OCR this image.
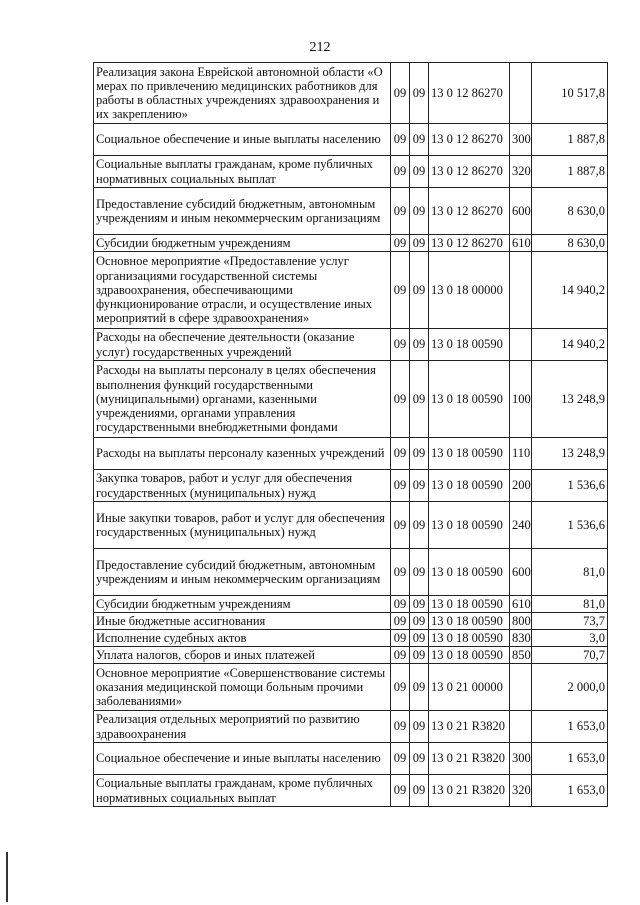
212
Реализация закона Еврейской автономной области «О мерах по привлечению медицинских работников для работы в областных учреждениях здравоохранения и их закреплению»	09	09	13 0 12 86270		10 517,8
Социальное обеспечение и иные выплаты населению	09	09	13 0 12 86270	300	1 887,8
Социальные выплаты гражданам, кроме публичных нормативных социальных выплат	09	09	13 0 12 86270	320	1 887,8
Предоставление субсидий бюджетным, автономным учреждениям и иным некоммерческим организациям	09	09	13 0 12 86270	600	8 630,0
Субсидии бюджетным учреждениям	09	09	13 0 12 86270	610	8 630,0
Основное мероприятие «Предоставление услуг организациями государственной системы здравоохранения, обеспечивающими функционирование отрасли, и осуществление иных мероприятий в сфере здравоохранения»	09	09	13 0 18 00000		14 940,2
Расходы на обеспечение деятельности (оказание услуг) государственных учреждений	09	09	13 0 18 00590		14 940,2
Расходы на выплаты персоналу в целях обеспечения выполнения функций государственными (муниципальными) органами, казенными учреждениями, органами управления государственными внебюджетными фондами	09	09	13 0 18 00590	100	13 248,9
Расходы на выплаты персоналу казенных учреждений	09	09	13 0 18 00590	110	13 248,9
Закупка товаров, работ и услуг для обеспечения государственных (муниципальных) нужд	09	09	13 0 18 00590	200	1 536,6
Иные закупки товаров, работ и услуг для обеспечения государственных (муниципальных) нужд	09	09	13 0 18 00590	240	1 536,6
Предоставление субсидий бюджетным, автономным учреждениям и иным некоммерческим организациям	09	09	13 0 18 00590	600	81,0
Субсидии бюджетным учреждениям	09	09	13 0 18 00590	610	81,0
Иные бюджетные ассигнования	09	09	13 0 18 00590	800	73,7
Исполнение судебных актов	09	09	13 0 18 00590	830	3,0
Уплата налогов, сборов и иных платежей	09	09	13 0 18 00590	850	70,7
Основное мероприятие «Совершенствование системы оказания медицинской помощи больным прочими заболеваниями»	09	09	13 0 21 00000		2 000,0
Реализация отдельных мероприятий по развитию здравоохранения	09	09	13 0 21 R3820		1 653,0
Социальное обеспечение и иные выплаты населению	09	09	13 0 21 R3820	300	1 653,0
Социальные выплаты гражданам, кроме публичных нормативных социальных выплат	09	09	13 0 21 R3820	320	1 653,0
